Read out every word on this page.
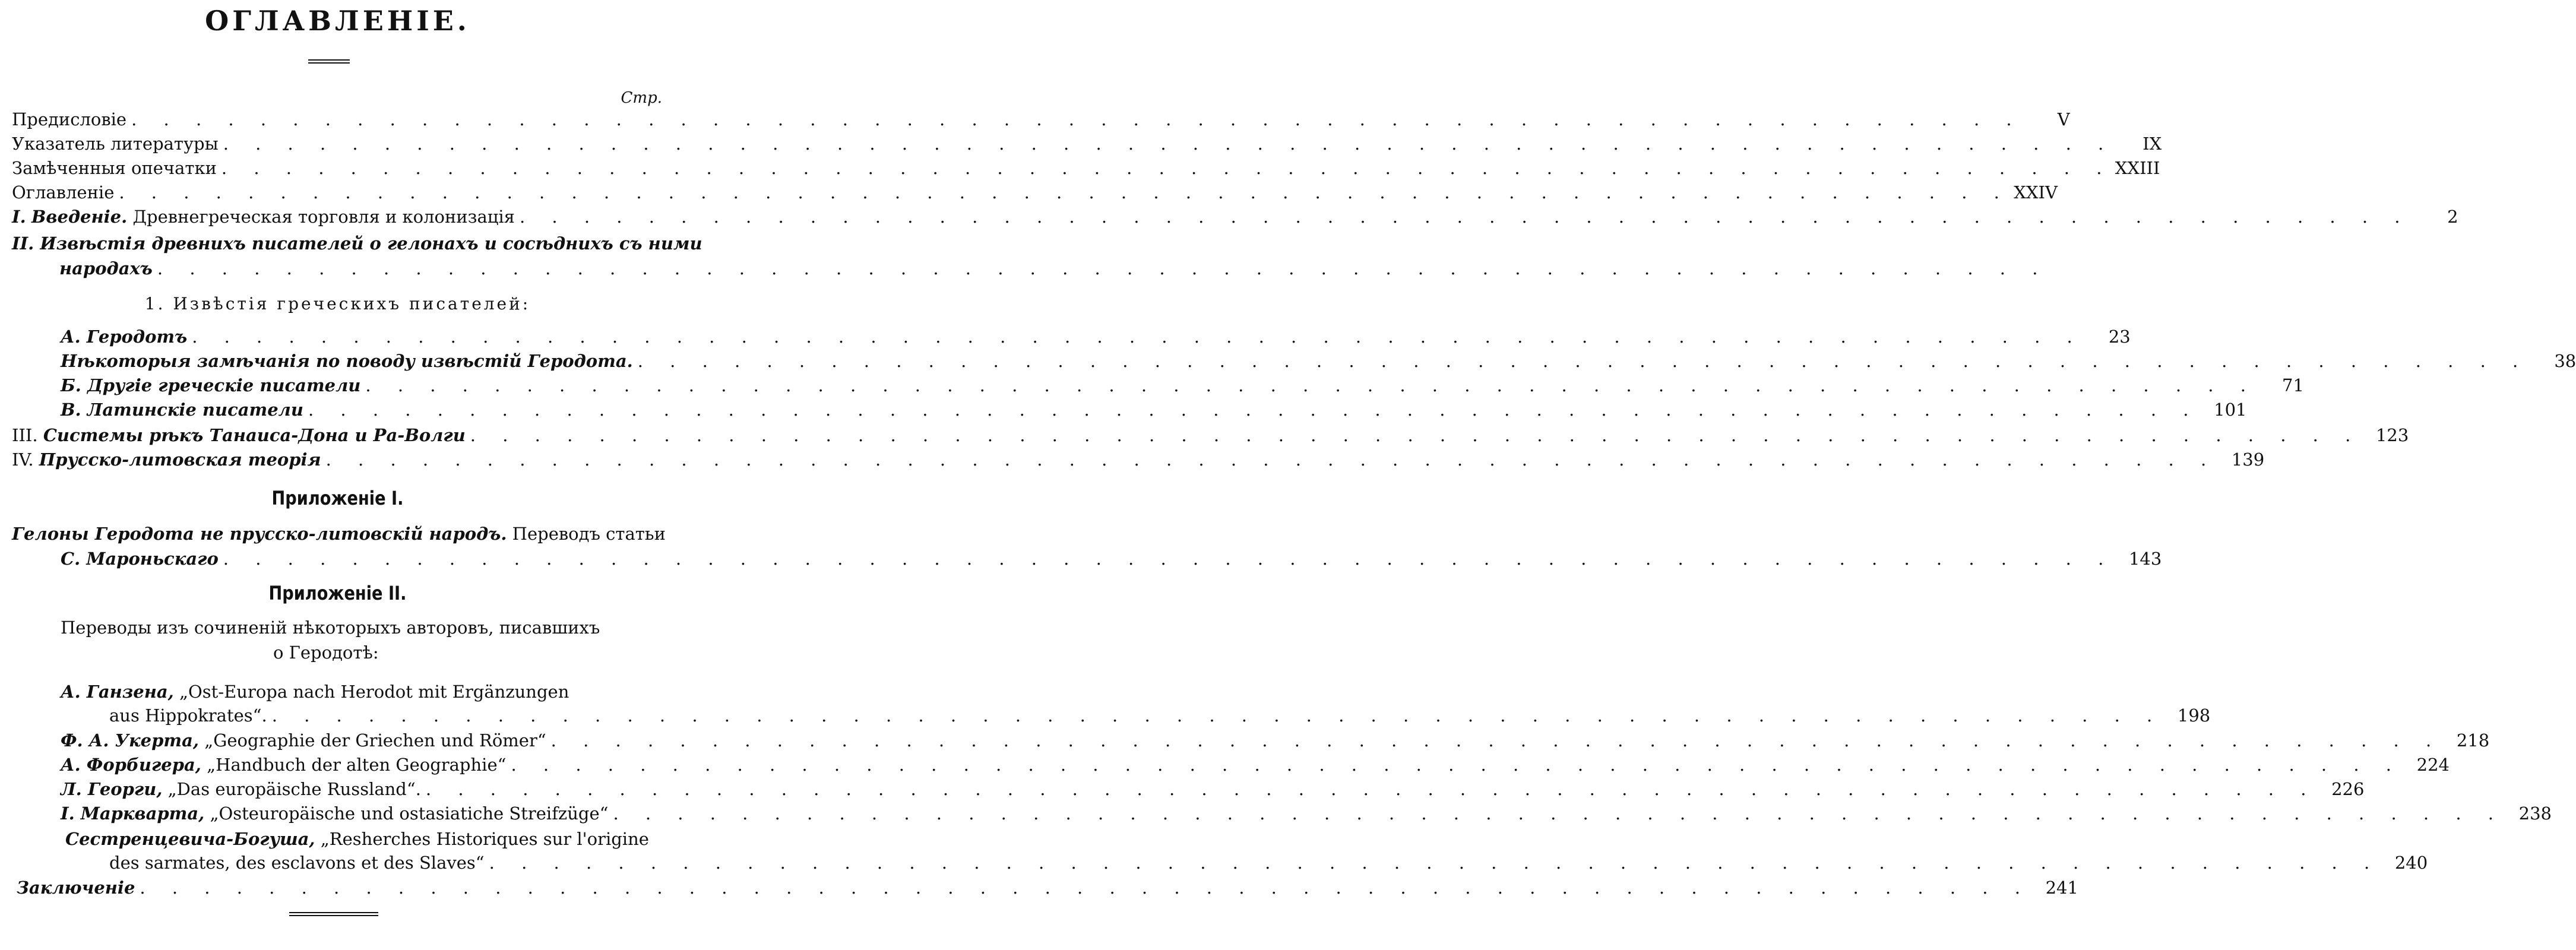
ОГЛАВЛЕНІЕ.
Стр.
Предисловіе . . .	V
Указатель литературы . . .	IX
Замѣченныя опечатки . . .	XXIII
Оглавленіе . . .	XXIV
I. Введеніе. Древнегреческая торговля и колонизація . . .	2
II. Извѣстія древнихъ писателей о гелонахъ и сосѣднихъ съ ними
народахъ
. . .
1. Извѣстія греческихъ писателей:
А. Геродотъ . . .	23
Нѣкоторыя замѣчанія по поводу извѣстій Геродота. . . .	38
Б. Другіе греческіе писатели . . .	71
В. Латинскіе писатели . . .	101
III. Системы рѣкъ Танаиса-Дона и Ра-Волги . . .	123
IV. Прусско-литовская теорія . . .	139
Приложеніе I.
Гелоны Геродота не прусско-литовскій народъ. Переводъ статьи
С. Мароньскаго . . .	143
Приложеніе II.
Переводы изъ сочиненій нѣкоторыхъ авторовъ, писавшихъ
о Геродотѣ:
А. Ганзена, „Ost-Europa nach Herodot mit Ergänzungen
aus Hippokrates“. . . .	198
Ф. А. Укерта, „Geographie der Griechen und Römer“ . . .	218
А. Форбигера, „Handbuch der alten Geographie“ . . .	224
Л. Георги, „Das europäische Russland“. . . .	226
І. Маркварта, „Osteuropäische und ostasiatiche Streifzüge“ . . .	238
Сестренцевича-Богуша, „Resherches Historiques sur l'origine
des sarmates, des esclavons et des Slaves“ . . .	240
Заключеніе . . .	241
